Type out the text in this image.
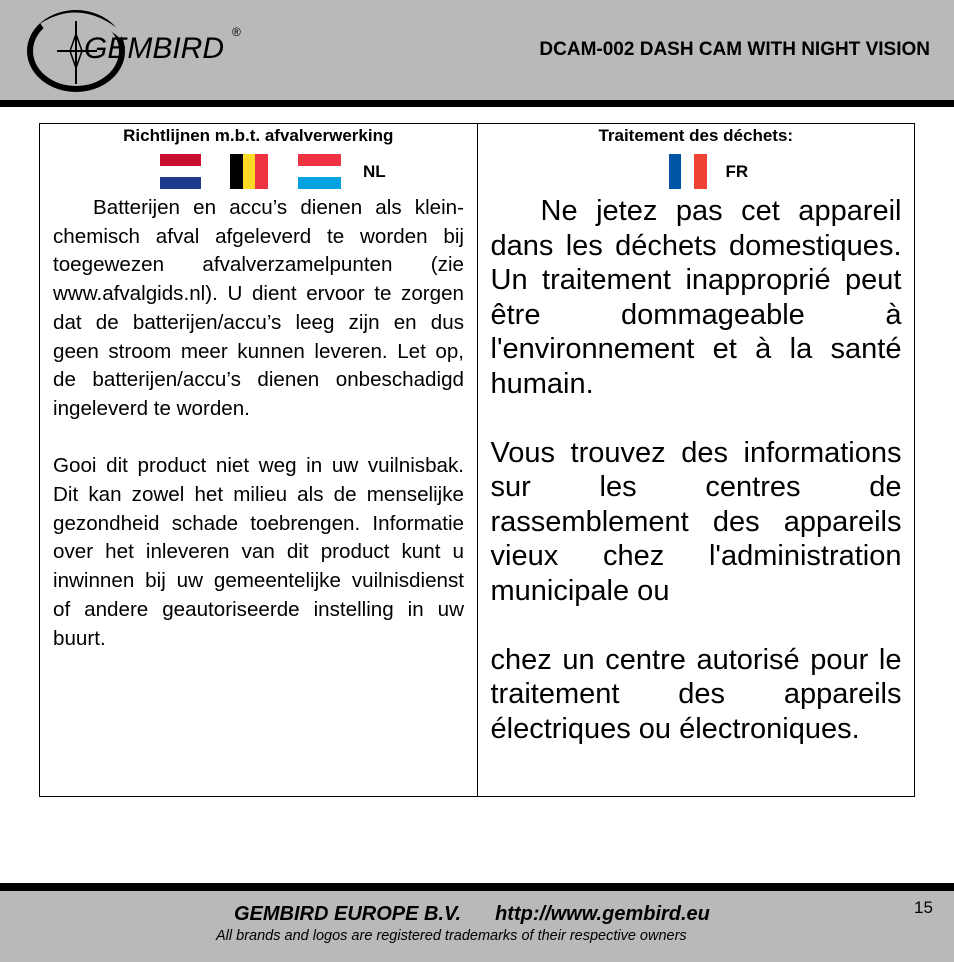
GEMBIRD ®
DCAM-002 DASH CAM WITH NIGHT VISION
Richtlijnen m.b.t. afvalverwerking
NL

Batterijen en accu’s dienen als klein-chemisch afval afgeleverd te worden bij toegewezen afvalverzamelpunten (zie www.afvalgids.nl). U dient ervoor te zorgen dat de batterijen/accu’s leeg zijn en dus geen stroom meer kunnen leveren. Let op, de batterijen/accu’s dienen onbeschadigd ingeleverd te worden.

Gooi dit product niet weg in uw vuilnisbak. Dit kan zowel het milieu als de menselijke gezondheid schade toebrengen. Informatie over het inleveren van dit product kunt u inwinnen bij uw gemeentelijke vuilnisdienst of andere geautoriseerde instelling in uw buurt.

Traitement des déchets:
FR

Ne jetez pas cet appareil dans les déchets domestiques. Un traitement inapproprié peut être dommageable à l'environnement et à la santé humain.

Vous trouvez des informations sur les centres de rassemblement des appareils vieux chez l'administration municipale ou

chez un centre autorisé pour le traitement des appareils électriques ou électroniques.

GEMBIRD EUROPE B.V. http://www.gembird.eu
All brands and logos are registered trademarks of their respective owners
15
